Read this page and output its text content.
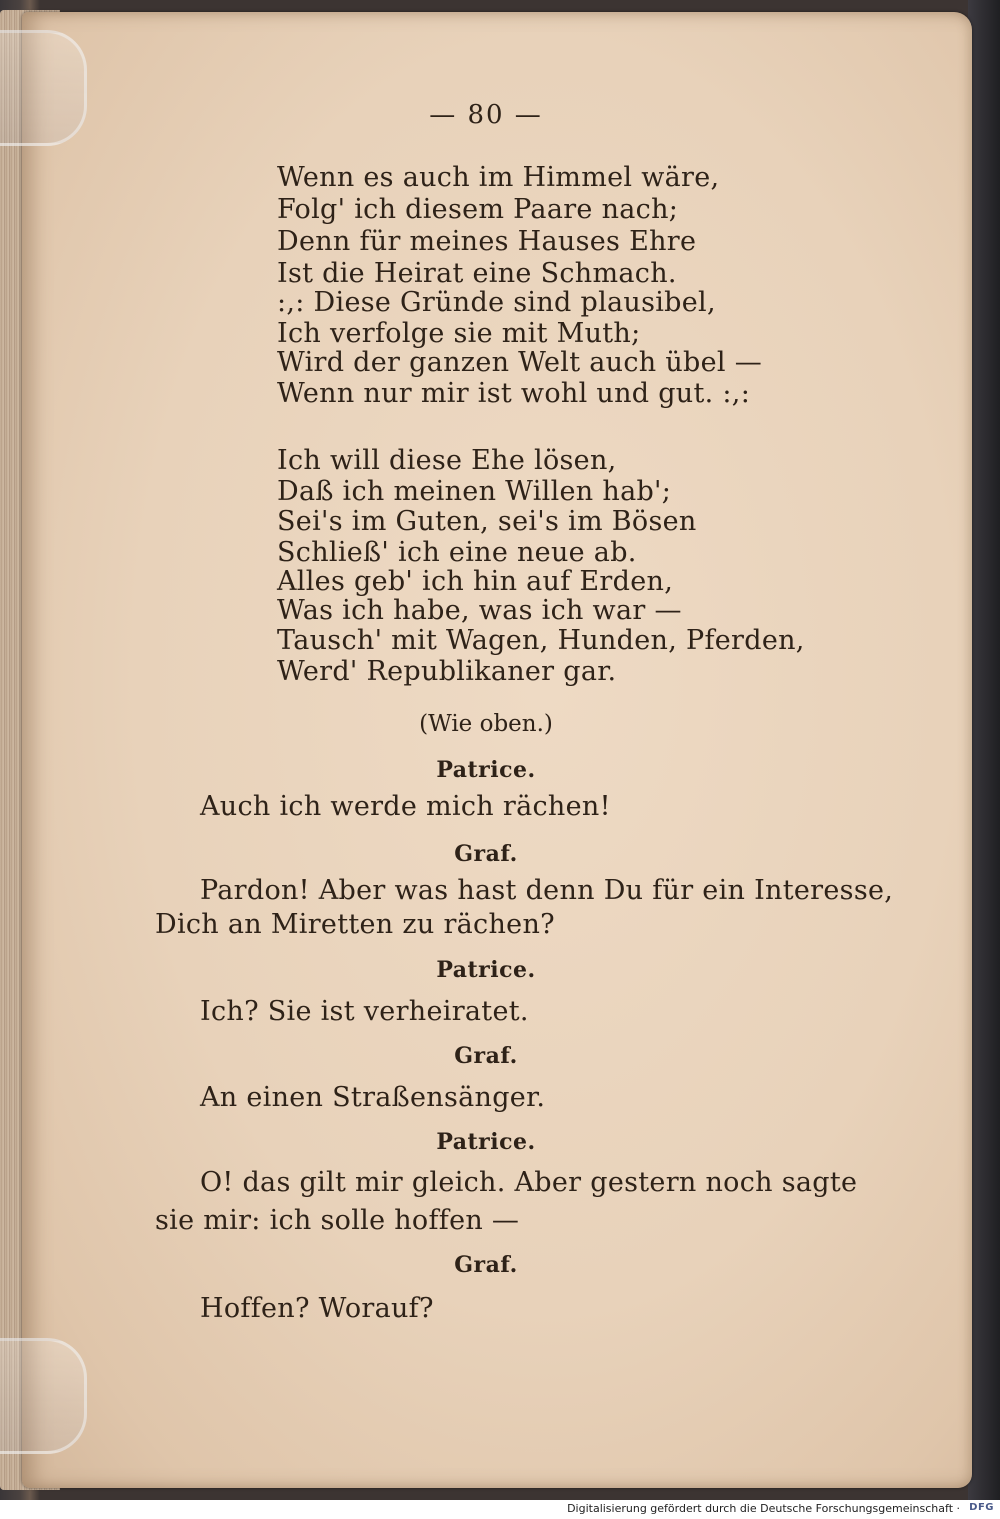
— 80 —
Wenn es auch im Himmel wäre,
Folg' ich diesem Paare nach;
Denn für meines Hauses Ehre
Ist die Heirat eine Schmach.
:,: Diese Gründe sind plausibel,
Ich verfolge sie mit Muth;
Wird der ganzen Welt auch übel —
Wenn nur mir ist wohl und gut. :,:
Ich will diese Ehe lösen,
Daß ich meinen Willen hab';
Sei's im Guten, sei's im Bösen
Schließ' ich eine neue ab.
Alles geb' ich hin auf Erden,
Was ich habe, was ich war —
Tausch' mit Wagen, Hunden, Pferden,
Werd' Republikaner gar.
(Wie oben.)
Patrice.
Auch ich werde mich rächen!
Graf.
Pardon! Aber was hast denn Du für ein Interesse,
Dich an Miretten zu rächen?
Patrice.
Ich? Sie ist verheiratet.
Graf.
An einen Straßensänger.
Patrice.
O! das gilt mir gleich. Aber gestern noch sagte
sie mir: ich solle hoffen —
Graf.
Hoffen? Worauf?
Digitalisierung gefördert durch die Deutsche Forschungsgemeinschaft · DFG
